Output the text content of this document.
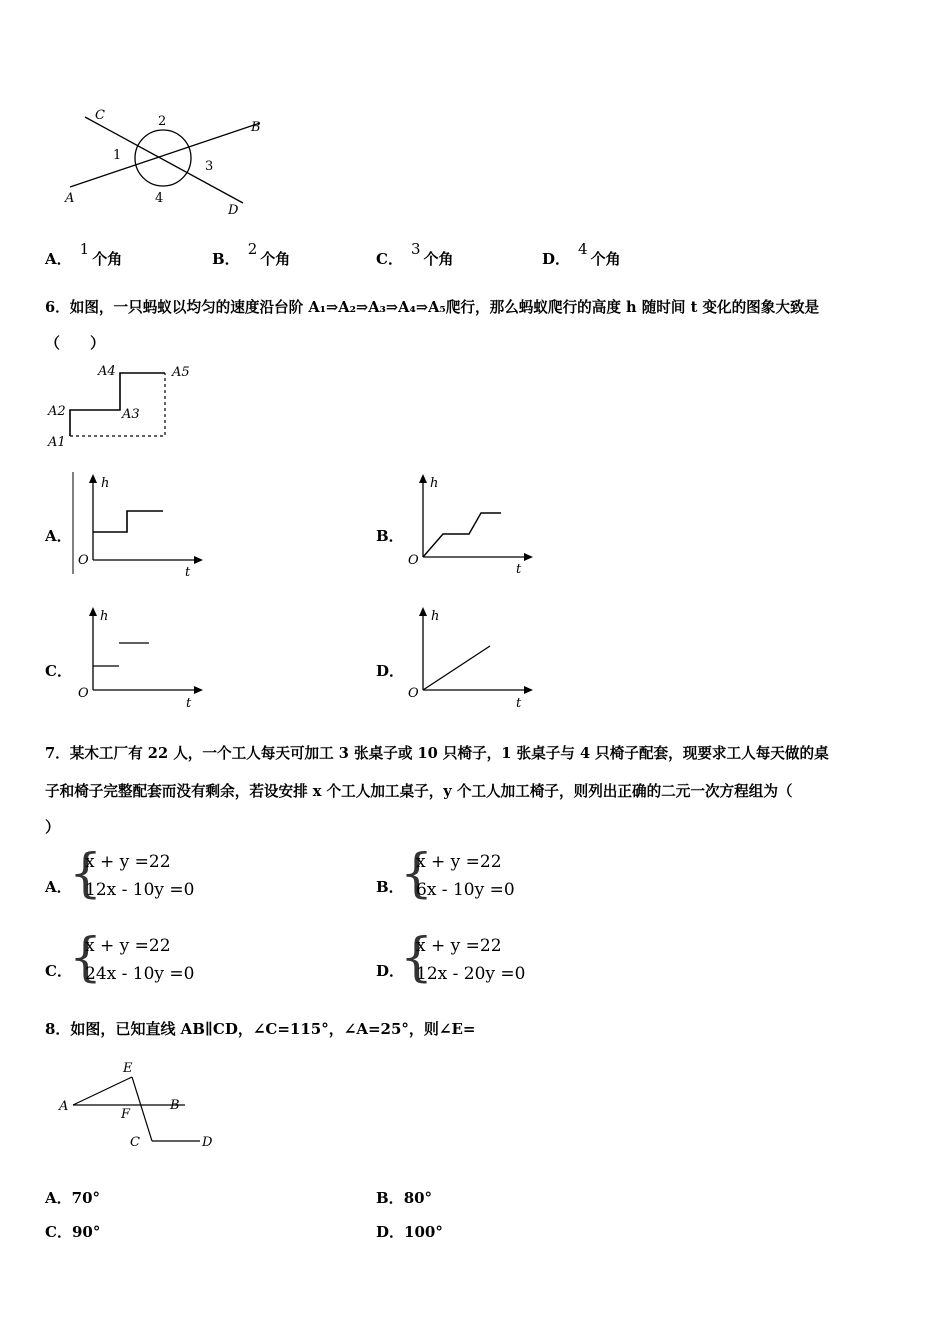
C
B
A
D
1
2
3
4
A．1个角	B．2个角	C．3个角	D．4个角
6．如图，一只蚂蚁以均匀的速度沿台阶 A₁⇒A₂⇒A₃⇒A₄⇒A₅爬行，那么蚂蚁爬行的高度 h 随时间 t 变化的图象大致是
（　　）
A1
A2	A3
A4	A5
A．
h
O
t
B．
h
O
t
C．
h
O
t
D．
h
O
t
7．某木工厂有 22 人，一个工人每天可加工 3 张桌子或 10 只椅子，1 张桌子与 4 只椅子配套，现要求工人每天做的桌
子和椅子完整配套而没有剩余，若设安排 x 个工人加工桌子，y 个工人加工椅子，则列出正确的二元一次方程组为（
）
A．
{
x + y =22
12x - 10y =0	B．
{
x + y =22
6x - 10y =0
C．
{
x + y =22
24x - 10y =0	D．
{
x + y =22
12x - 20y =0
8．如图，已知直线 AB∥CD，∠C=115°，∠A=25°，则∠E=
A
E
F
B
C	D
A．70°	B．80°
C．90°	D．100°
